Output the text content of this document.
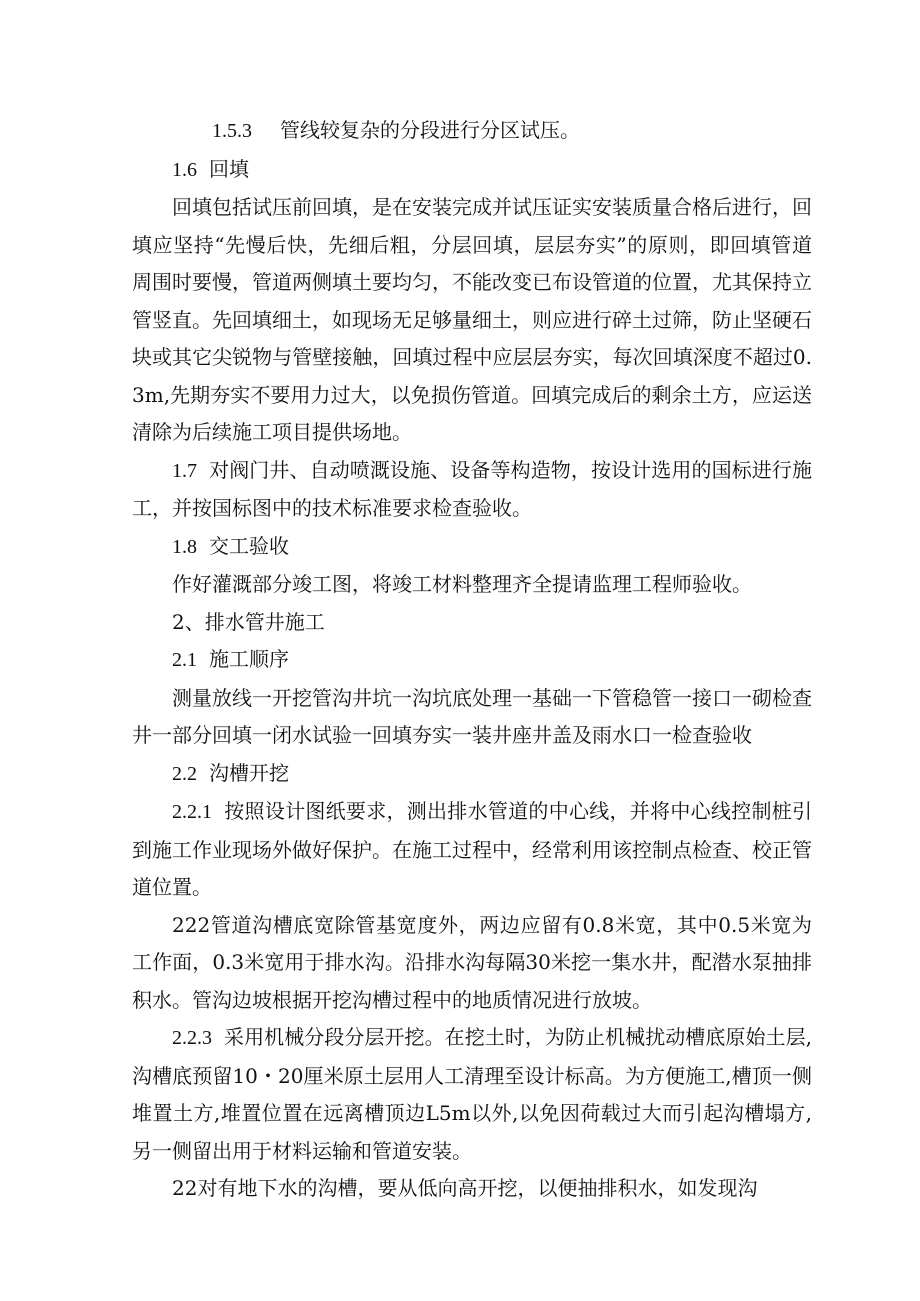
1.5.3 管线较复杂的分段进行分区试压。

1.6 回填

回填包括试压前回填，是在安装完成并试压证实安装质量合格后进行，回填应坚持“先慢后快，先细后粗，分层回填，层层夯实”的原则，即回填管道周围时要慢，管道两侧填土要均匀，不能改变已布设管道的位置，尤其保持立管竖直。先回填细土，如现场无足够量细土，则应进行碎土过筛，防止坚硬石块或其它尖锐物与管壁接触，回填过程中应层层夯实，每次回填深度不超过0.3m,先期夯实不要用力过大，以免损伤管道。回填完成后的剩余土方，应运送清除为后续施工项目提供场地。

1.7 对阀门井、自动喷溉设施、设备等构造物，按设计选用的国标进行施工，并按国标图中的技术标准要求检查验收。

1.8 交工验收

作好灌溉部分竣工图，将竣工材料整理齐全提请监理工程师验收。

2、排水管井施工

2.1 施工顺序

测量放线一开挖管沟井坑一沟坑底处理一基础一下管稳管一接口一砌检查井一部分回填一闭水试验一回填夯实一装井座井盖及雨水口一检查验收

2.2 沟槽开挖

2.2.1 按照设计图纸要求，测出排水管道的中心线，并将中心线控制桩引到施工作业现场外做好保护。在施工过程中，经常利用该控制点检查、校正管道位置。

222管道沟槽底宽除管基宽度外，两边应留有0.8米宽，其中0.5米宽为工作面，0.3米宽用于排水沟。沿排水沟每隔30米挖一集水井，配潜水泵抽排积水。管沟边坡根据开挖沟槽过程中的地质情况进行放坡。

2.2.3 采用机械分段分层开挖。在挖土时，为防止机械扰动槽底原始土层,沟槽底预留10・20厘米原土层用人工清理至设计标高。为方便施工,槽顶一侧堆置土方,堆置位置在远离槽顶边L5m以外,以免因荷载过大而引起沟槽塌方,另一侧留出用于材料运输和管道安装。

22对有地下水的沟槽，要从低向高开挖，以便抽排积水，如发现沟
